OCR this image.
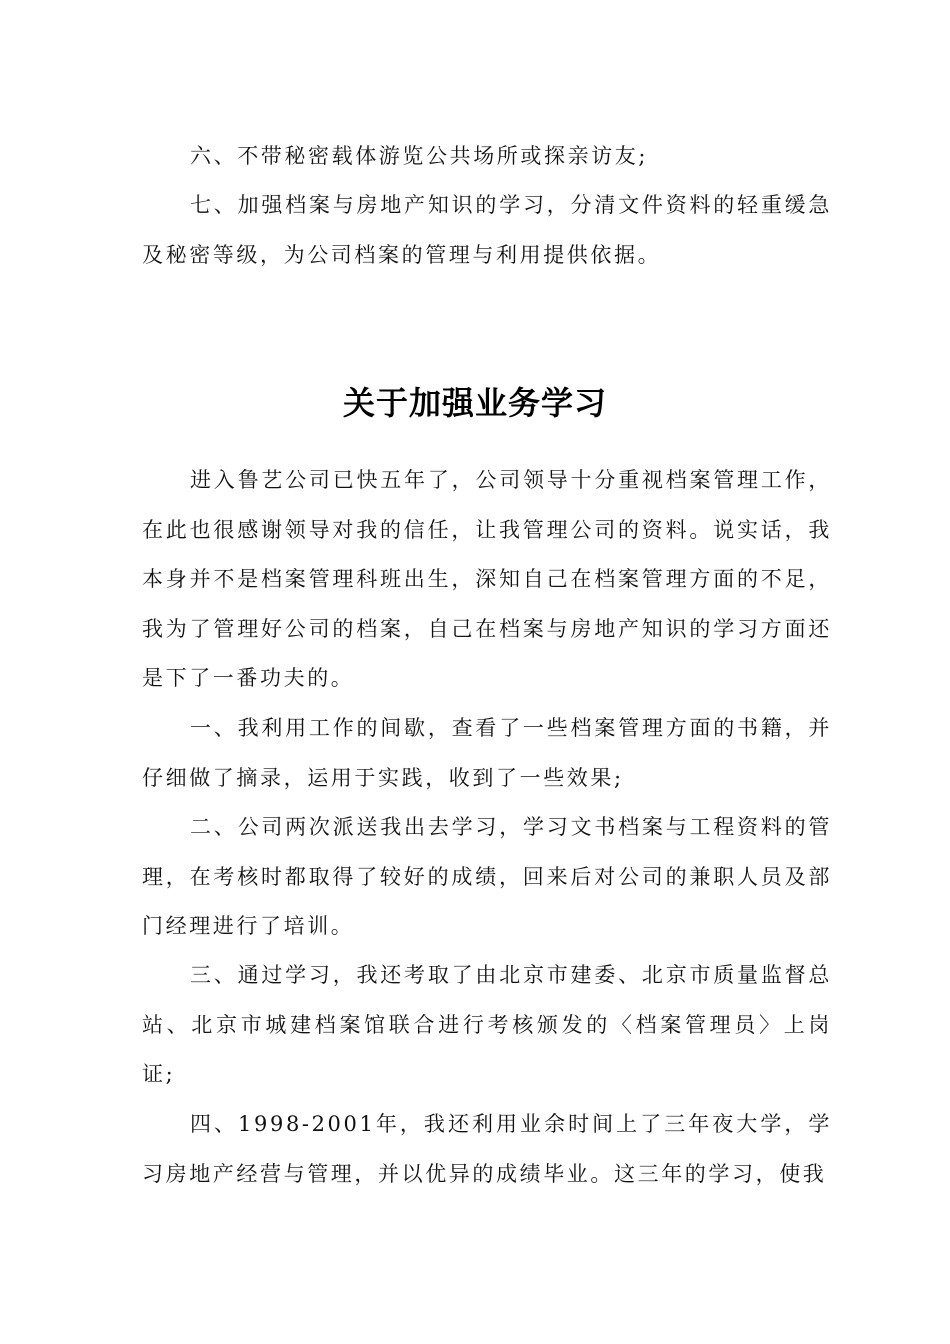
六、不带秘密载体游览公共场所或探亲访友;

七、加强档案与房地产知识的学习，分清文件资料的轻重缓急及秘密等级，为公司档案的管理与利用提供依据。

关于加强业务学习

进入鲁艺公司已快五年了，公司领导十分重视档案管理工作，在此也很感谢领导对我的信任，让我管理公司的资料。说实话，我本身并不是档案管理科班出生，深知自己在档案管理方面的不足，我为了管理好公司的档案，自己在档案与房地产知识的学习方面还是下了一番功夫的。

一、我利用工作的间歇，查看了一些档案管理方面的书籍，并仔细做了摘录，运用于实践，收到了一些效果;

二、公司两次派送我出去学习，学习文书档案与工程资料的管理，在考核时都取得了较好的成绩，回来后对公司的兼职人员及部门经理进行了培训。

三、通过学习，我还考取了由北京市建委、北京市质量监督总站、北京市城建档案馆联合进行考核颁发的〈档案管理员〉上岗证;

四、1998-2001年，我还利用业余时间上了三年夜大学，学习房地产经营与管理，并以优异的成绩毕业。这三年的学习，使我
